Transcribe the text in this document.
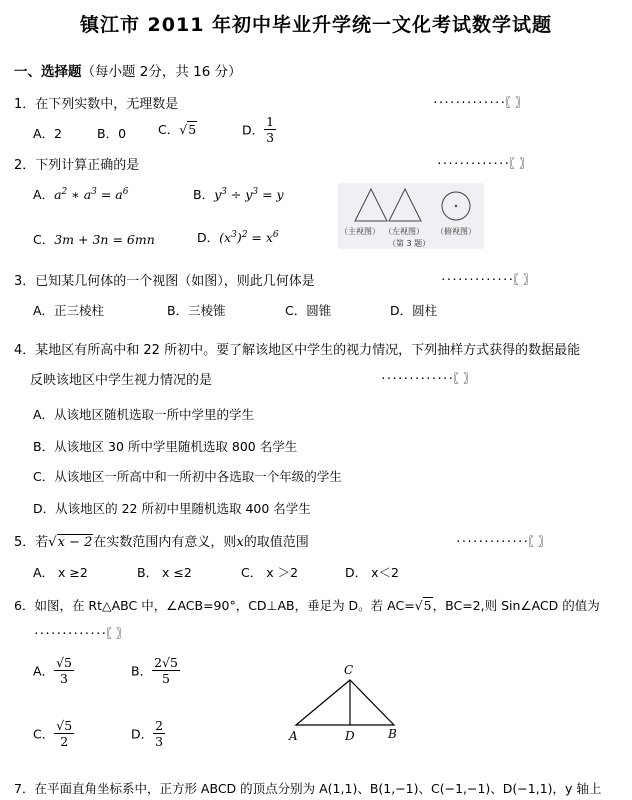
镇江市 2011 年初中毕业升学统一文化考试数学试题
一、选择题（每小题 2分，共 16 分）
1．在下列实数中，无理数是	·············〖 〗
A．2	B．0	C．√5	D． $\frac{1}{3}$
2．下列计算正确的是	·············〖 〗
A．$a^2$ ∗ $a^3 = a^6$	B．$y^3 \div y^3 = y$
C．3m + 3n = 6mn	D．$(x^3)^2 = x^6$	（主视图） （左视图） （俯视图）
（第 3 题）
3．已知某几何体的一个视图（如图），则此几何体是	·············〖 〗
A．正三棱柱	B．三棱锥	C．圆锥	D．圆柱
4．某地区有所高中和 22 所初中。要了解该地区中学生的视力情况，下列抽样方式获得的数据最能
反映该地区中学生视力情况的是	·············〖 〗
A．从该地区随机选取一所中学里的学生
B．从该地区 30 所中学里随机选取 800 名学生
C．从该地区一所高中和一所初中各选取一个年级的学生
D．从该地区的 22 所初中里随机选取 400 名学生
5．若√x − 2在实数范围内有意义，则x的取值范围	·············〖 〗
A． x ≥2	B． x ≤2	C． x ＞2	D． x＜2
6．如图，在 Rt△ABC 中，∠ACB=90°，CD⊥AB，垂足为 D。若 AC=√5，BC=2,则 Sin∠ACD 的值为
·············〖 〗
A． $\frac{√5}{3}$	B． $\frac{2√5}{5}$
C． $\frac{√5}{2}$	D． $\frac{2}{3}$
C
A	D	B
7．在平面直角坐标系中，正方形 ABCD 的顶点分别为 A(1,1)、B(1,−1)、C(−1,−1)、D(−1,1)，y 轴上
